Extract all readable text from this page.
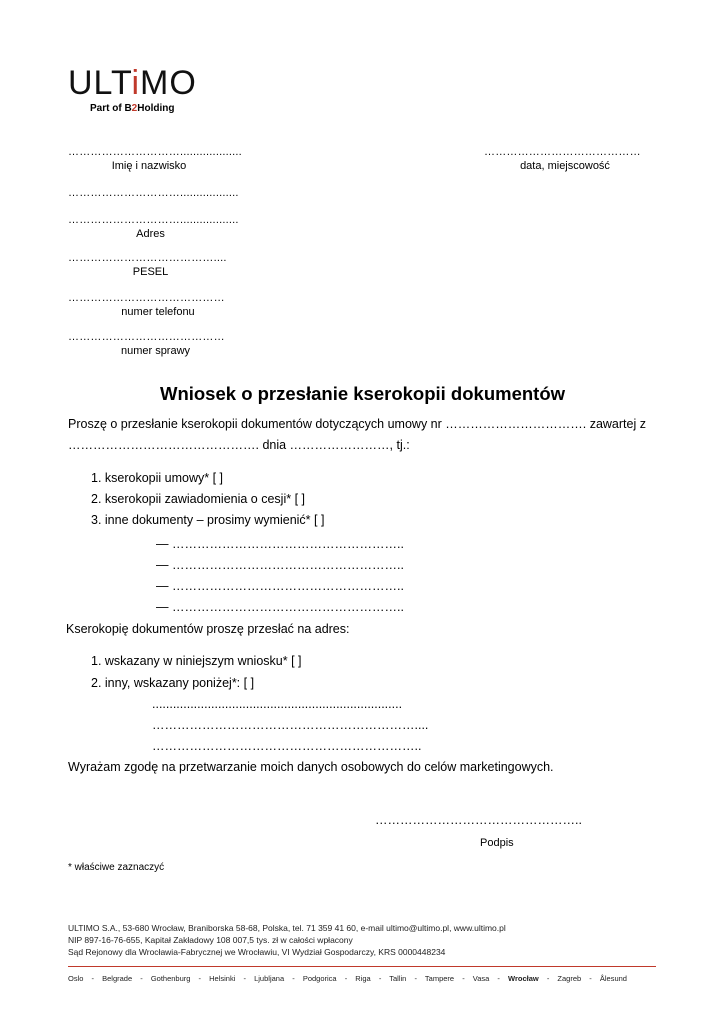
ULTiMO
Part of B2Holding
…………………………...................
Imię i nazwisko
……………………………………
data, miejscowość
…………………………..................
…………………………..................
Adres
…………………………………....
PESEL
……………………………………
numer telefonu
……………………………………
numer sprawy
Wniosek o przesłanie kserokopii dokumentów
Proszę o przesłanie kserokopii dokumentów dotyczących umowy nr ……………………………. zawartej z
………………………………………. dnia ……………………, tj.:
1. kserokopii umowy* [ ]
2. kserokopii zawiadomienia o cesji* [ ]
3. inne dokumenty – prosimy wymienić* [ ]
— ………………………………………………..
— ………………………………………………..
— ………………………………………………..
— ………………………………………………..
Kserokopię dokumentów proszę przesłać na adres:
1. wskazany w niniejszym wniosku* [ ]
2. inny, wskazany poniżej*: [ ]
........................................................................
………………………………………………………....
………………………………………………………..
Wyrażam zgodę na przetwarzanie moich danych osobowych do celów marketingowych.
…………………………………………..
Podpis
* właściwe zaznaczyć
ULTIMO S.A., 53-680 Wrocław, Braniborska 58-68, Polska, tel. 71 359 41 60, e-mail ultimo@ultimo.pl, www.ultimo.pl
NIP 897-16-76-655, Kapitał Zakładowy 108 007,5 tys. zł w całości wpłacony
Sąd Rejonowy dla Wrocławia-Fabrycznej we Wrocławiu, VI Wydział Gospodarczy, KRS 0000448234
Oslo - Belgrade - Gothenburg - Helsinki - Ljubljana - Podgorica - Riga - Tallin - Tampere - Vasa - Wrocław - Zagreb - Ålesund
